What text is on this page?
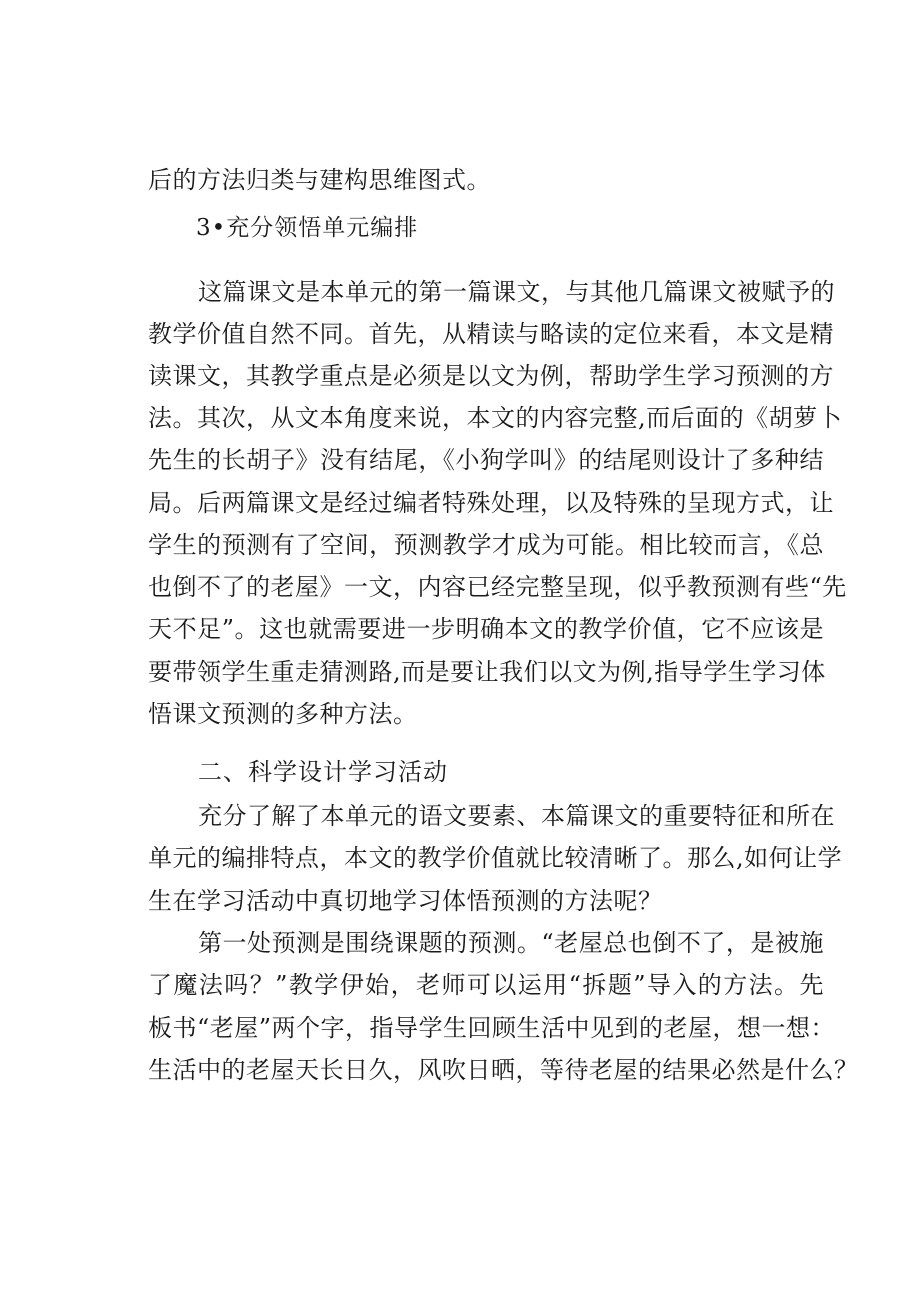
后的方法归类与建构思维图式。
3•充分领悟单元编排
这篇课文是本单元的第一篇课文，与其他几篇课文被赋予的
教学价值自然不同。首先，从精读与略读的定位来看，本文是精
读课文，其教学重点是必须是以文为例，帮助学生学习预测的方
法。其次，从文本角度来说，本文的内容完整,而后面的《胡萝卜
先生的长胡子》没有结尾，《小狗学叫》的结尾则设计了多种结
局。后两篇课文是经过编者特殊处理，以及特殊的呈现方式，让
学生的预测有了空间，预测教学才成为可能。相比较而言，《总
也倒不了的老屋》一文，内容已经完整呈现，似乎教预测有些“先
天不足”。这也就需要进一步明确本文的教学价值，它不应该是
要带领学生重走猜测路,而是要让我们以文为例,指导学生学习体
悟课文预测的多种方法。
二、科学设计学习活动
充分了解了本单元的语文要素、本篇课文的重要特征和所在
单元的编排特点，本文的教学价值就比较清晰了。那么,如何让学
生在学习活动中真切地学习体悟预测的方法呢？
第一处预测是围绕课题的预测。“老屋总也倒不了，是被施
了魔法吗？”教学伊始，老师可以运用“拆题”导入的方法。先
板书“老屋”两个字，指导学生回顾生活中见到的老屋，想一想：
生活中的老屋天长日久，风吹日晒，等待老屋的结果必然是什么？
